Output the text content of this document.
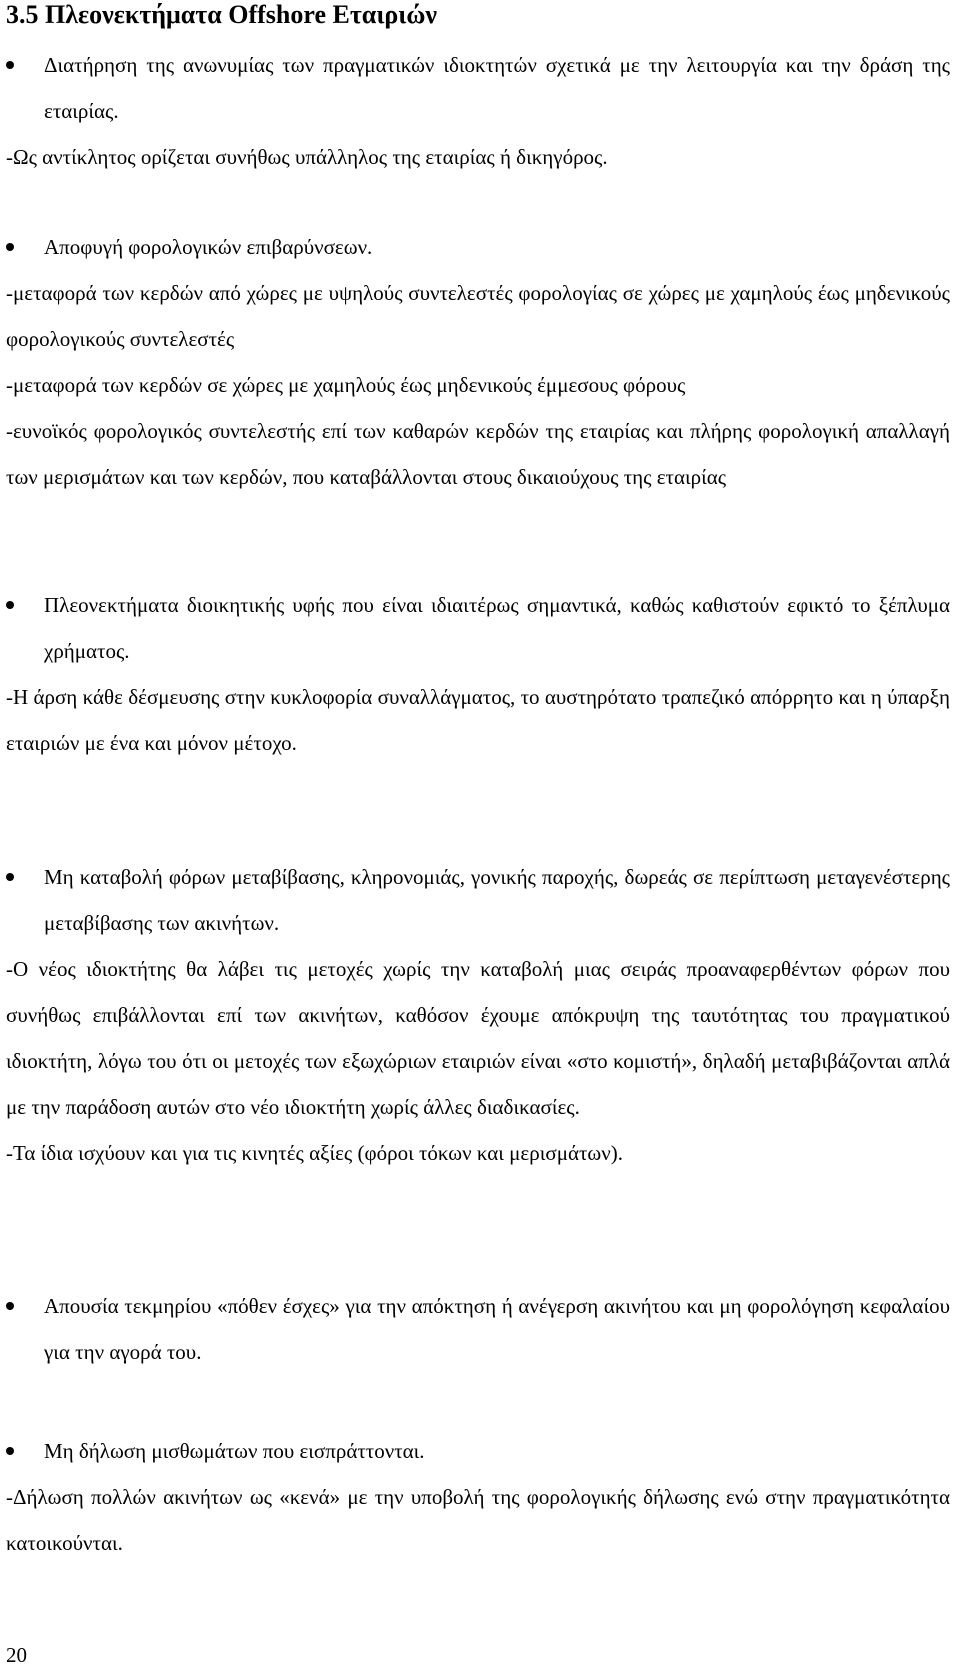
3.5 Πλεονεκτήματα Offshore Εταιριών
Διατήρηση της ανωνυμίας των πραγματικών ιδιοκτητών σχετικά με την λειτουργία και την δράση της εταιρίας.
-Ως αντίκλητος ορίζεται συνήθως υπάλληλος της εταιρίας ή δικηγόρος.
Αποφυγή φορολογικών επιβαρύνσεων.
-μεταφορά των κερδών από χώρες με υψηλούς συντελεστές φορολογίας σε χώρες με χαμηλούς έως μηδενικούς φορολογικούς συντελεστές
-μεταφορά των κερδών σε χώρες με χαμηλούς έως μηδενικούς έμμεσους φόρους
-ευνοϊκός φορολογικός συντελεστής επί των καθαρών κερδών της εταιρίας και πλήρης φορολογική απαλλαγή των μερισμάτων και των κερδών, που καταβάλλονται στους δικαιούχους της εταιρίας
Πλεονεκτήματα διοικητικής υφής που είναι ιδιαιτέρως σημαντικά, καθώς καθιστούν εφικτό το ξέπλυμα χρήματος.
-Η άρση κάθε δέσμευσης στην κυκλοφορία συναλλάγματος, το αυστηρότατο τραπεζικό απόρρητο και η ύπαρξη εταιριών με ένα και μόνον μέτοχο.
Μη καταβολή φόρων μεταβίβασης, κληρονομιάς, γονικής παροχής, δωρεάς σε περίπτωση μεταγενέστερης μεταβίβασης των ακινήτων.
-Ο νέος ιδιοκτήτης θα λάβει τις μετοχές χωρίς την καταβολή μιας σειράς προαναφερθέντων φόρων που συνήθως επιβάλλονται επί των ακινήτων, καθόσον έχουμε απόκρυψη της ταυτότητας του πραγματικού ιδιοκτήτη, λόγω του ότι οι μετοχές των εξωχώριων εταιριών είναι «στο κομιστή», δηλαδή μεταβιβάζονται απλά με την παράδοση αυτών στο νέο ιδιοκτήτη χωρίς άλλες διαδικασίες.
-Τα ίδια ισχύουν και για τις κινητές αξίες (φόροι τόκων και μερισμάτων).
Απουσία τεκμηρίου «πόθεν έσχες» για την απόκτηση ή ανέγερση ακινήτου και μη φορολόγηση κεφαλαίου για την αγορά του.
Μη δήλωση μισθωμάτων που εισπράττονται.
-Δήλωση πολλών ακινήτων ως «κενά» με την υποβολή της φορολογικής δήλωσης ενώ στην πραγματικότητα κατοικούνται.
20
